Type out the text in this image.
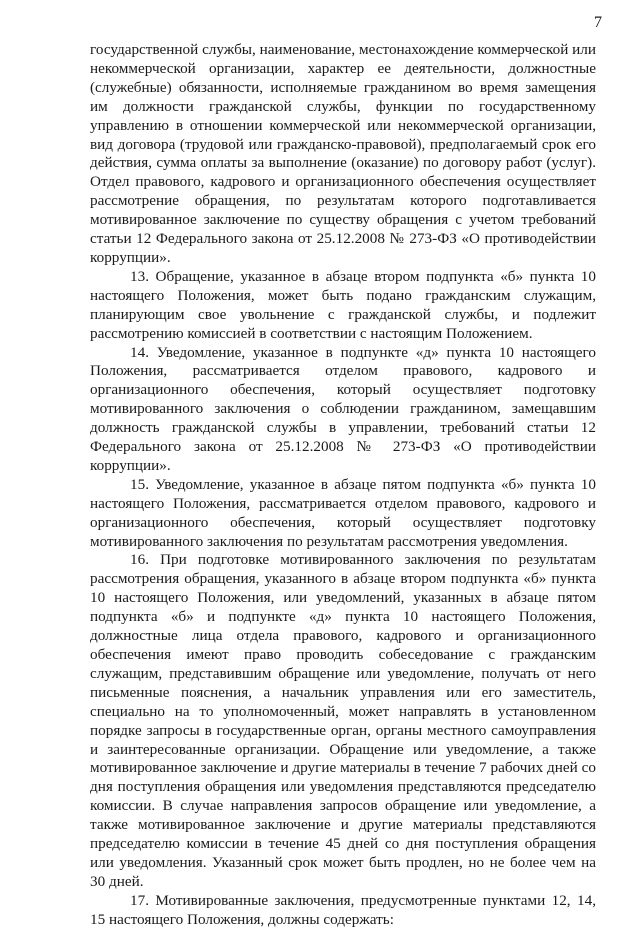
7

государственной службы, наименование, местонахождение коммерческой или некоммерческой организации, характер ее деятельности, должностные (служебные) обязанности, исполняемые гражданином во время замещения им должности гражданской службы, функции по государственному управлению в отношении коммерческой или некоммерческой организации, вид договора (трудовой или гражданско-правовой), предполагаемый срок его действия, сумма оплаты за выполнение (оказание) по договору работ (услуг). Отдел правового, кадрового и организационного обеспечения осуществляет рассмотрение обращения, по результатам которого подготавливается мотивированное заключение по существу обращения с учетом требований статьи 12 Федерального закона от 25.12.2008 № 273-ФЗ «О противодействии коррупции».

13. Обращение, указанное в абзаце втором подпункта «б» пункта 10 настоящего Положения, может быть подано гражданским служащим, планирующим свое увольнение с гражданской службы, и подлежит рассмотрению комиссией в соответствии с настоящим Положением.

14. Уведомление, указанное в подпункте «д» пункта 10 настоящего Положения, рассматривается отделом правового, кадрового и организационного обеспечения, который осуществляет подготовку мотивированного заключения о соблюдении гражданином, замещавшим должность гражданской службы в управлении, требований статьи 12 Федерального закона от 25.12.2008 № 273-ФЗ «О противодействии коррупции».

15. Уведомление, указанное в абзаце пятом подпункта «б» пункта 10 настоящего Положения, рассматривается отделом правового, кадрового и организационного обеспечения, который осуществляет подготовку мотивированного заключения по результатам рассмотрения уведомления.

16. При подготовке мотивированного заключения по результатам рассмотрения обращения, указанного в абзаце втором подпункта «б» пункта 10 настоящего Положения, или уведомлений, указанных в абзаце пятом подпункта «б» и подпункте «д» пункта 10 настоящего Положения, должностные лица отдела правового, кадрового и организационного обеспечения имеют право проводить собеседование с гражданским служащим, представившим обращение или уведомление, получать от него письменные пояснения, а начальник управления или его заместитель, специально на то уполномоченный, может направлять в установленном порядке запросы в государственные орган, органы местного самоуправления и заинтересованные организации. Обращение или уведомление, а также мотивированное заключение и другие материалы в течение 7 рабочих дней со дня поступления обращения или уведомления представляются председателю комиссии. В случае направления запросов обращение или уведомление, а также мотивированное заключение и другие материалы представляются председателю комиссии в течение 45 дней со дня поступления обращения или уведомления. Указанный срок может быть продлен, но не более чем на 30 дней.

17. Мотивированные заключения, предусмотренные пунктами 12, 14, 15 настоящего Положения, должны содержать:
